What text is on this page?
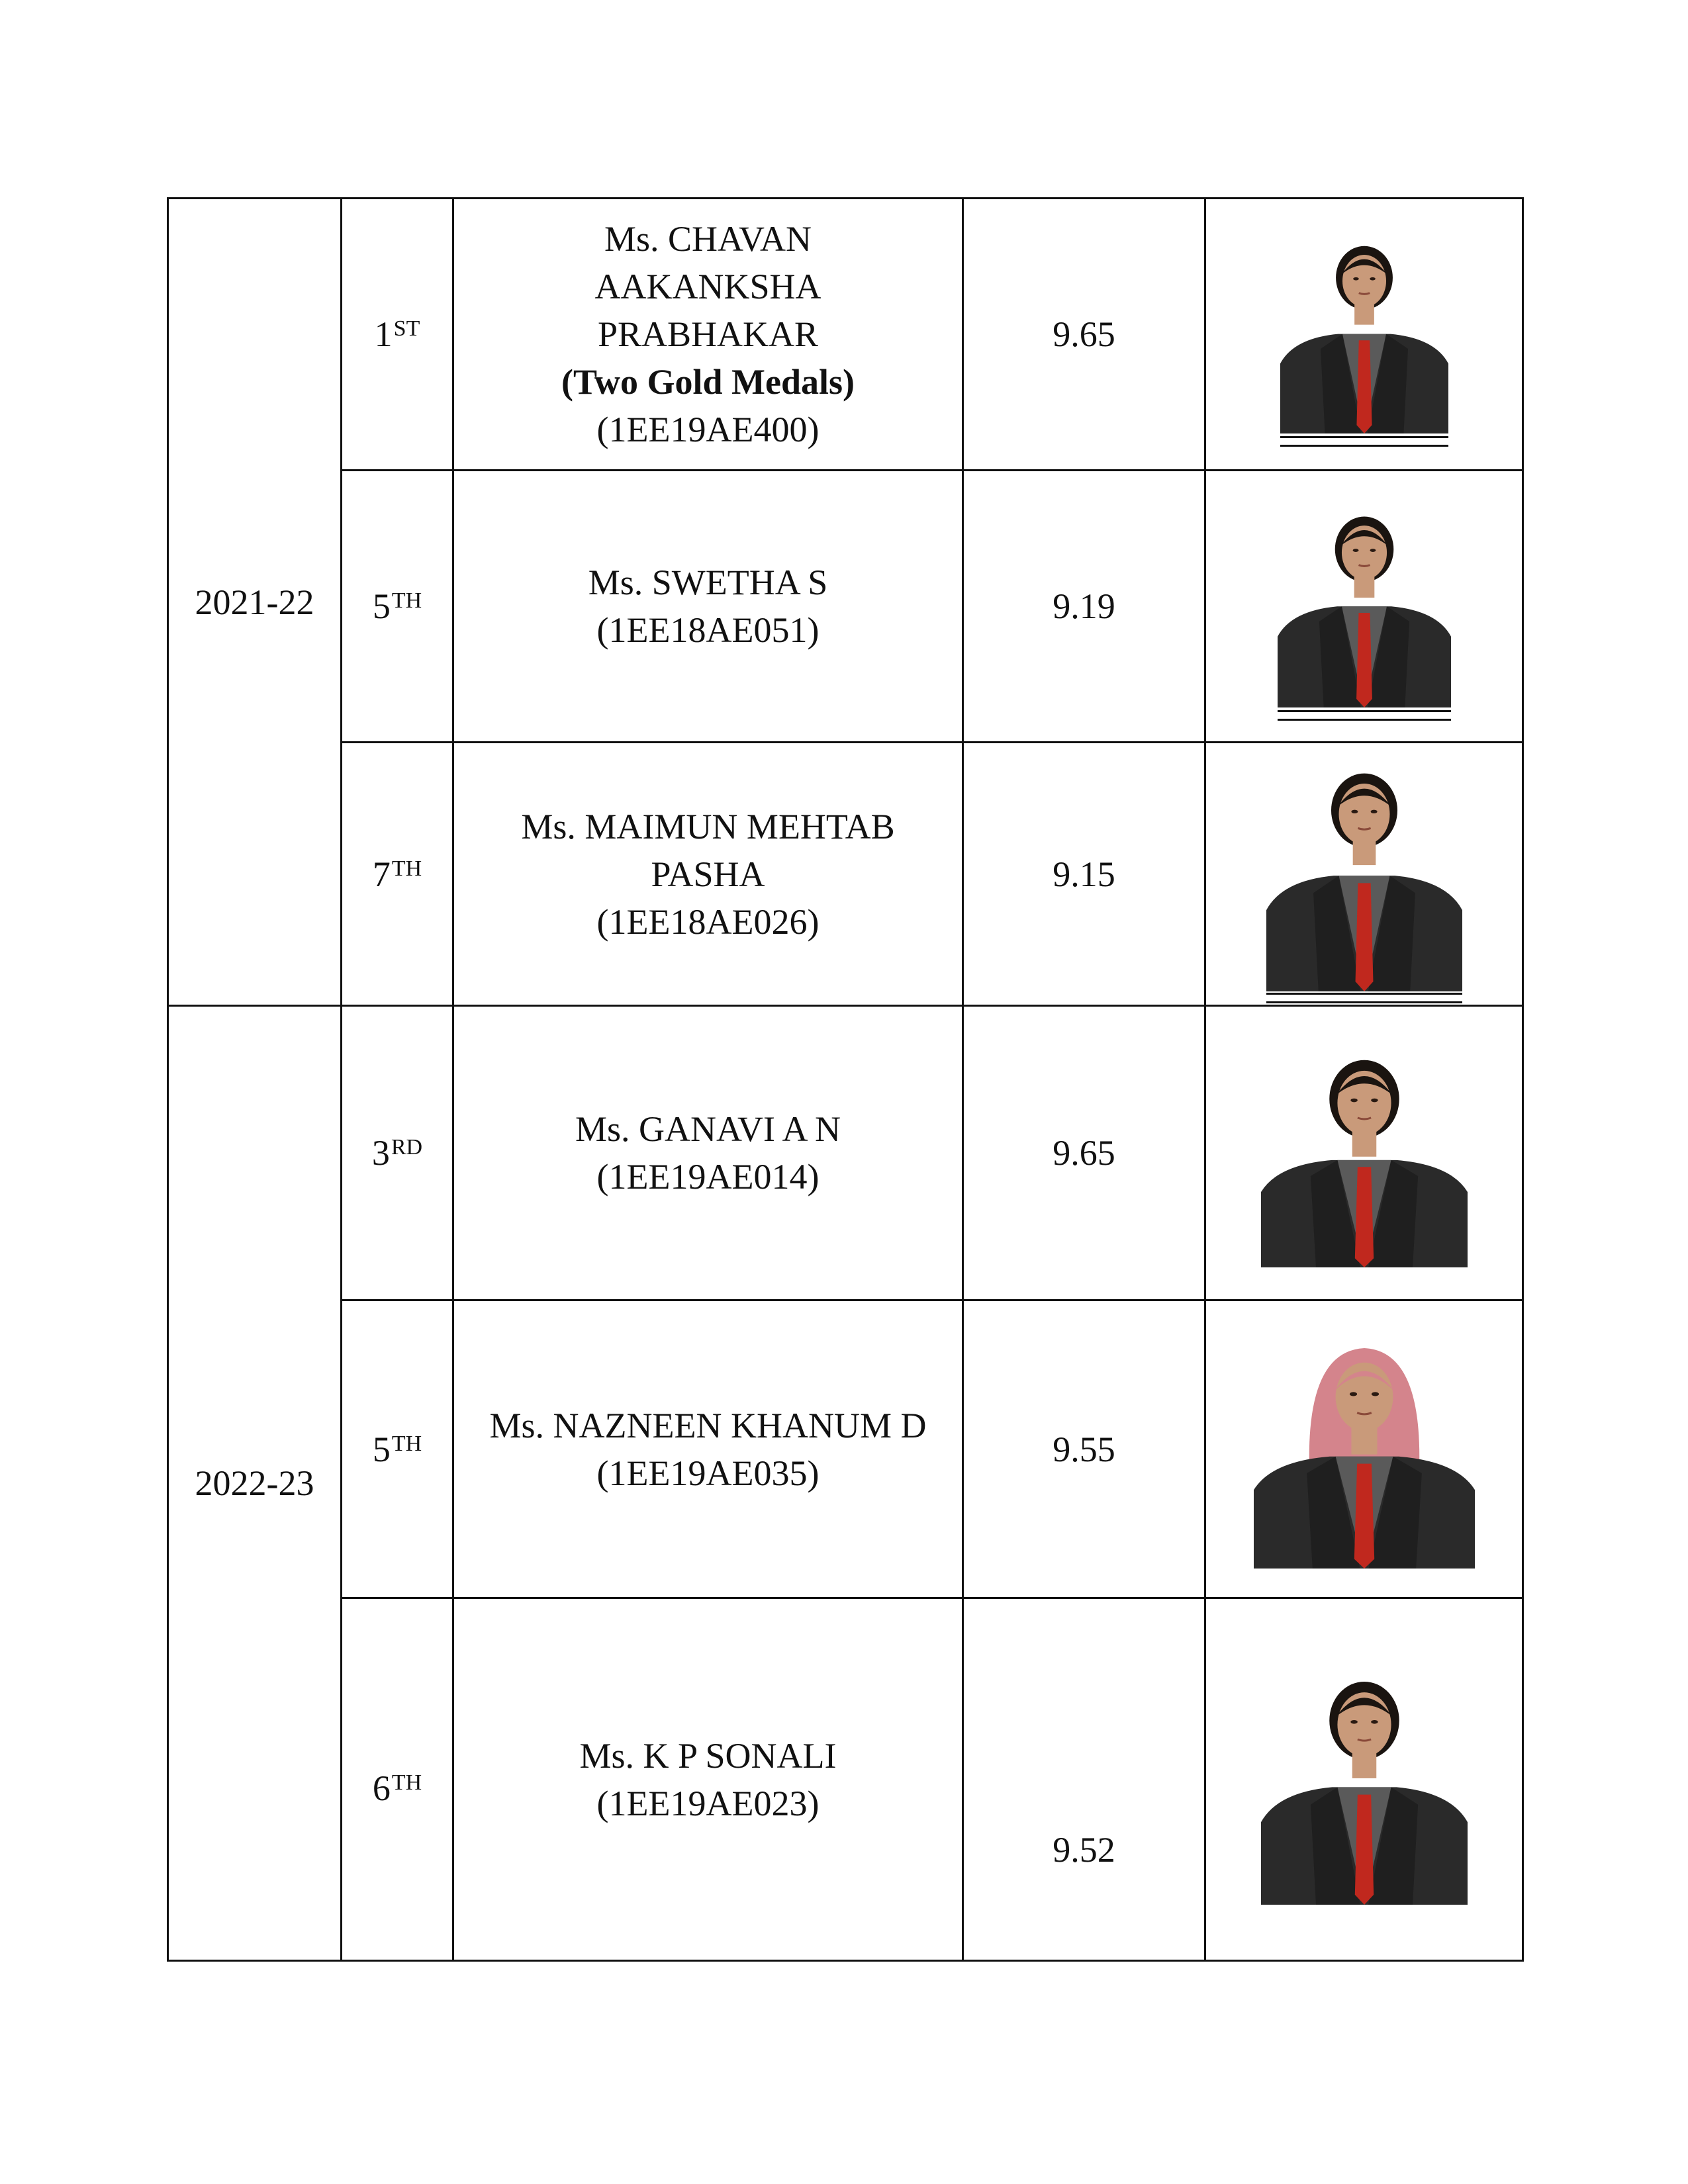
2021-22	1ST	Ms. CHAVAN
AAKANKSHA
PRABHAKAR
(Two Gold Medals)
(1EE19AE400)	9.65	

	5TH	Ms. SWETHA S
(1EE18AE051)	9.19	

	7TH	Ms. MAIMUN MEHTAB
PASHA
(1EE18AE026)	9.15	

2022-23	3RD	Ms. GANAVI A N
(1EE19AE014)	9.65	

	5TH	Ms. NAZNEEN KHANUM D
(1EE19AE035)	9.55	

	6TH	Ms. K P SONALI
(1EE19AE023)	9.52	
